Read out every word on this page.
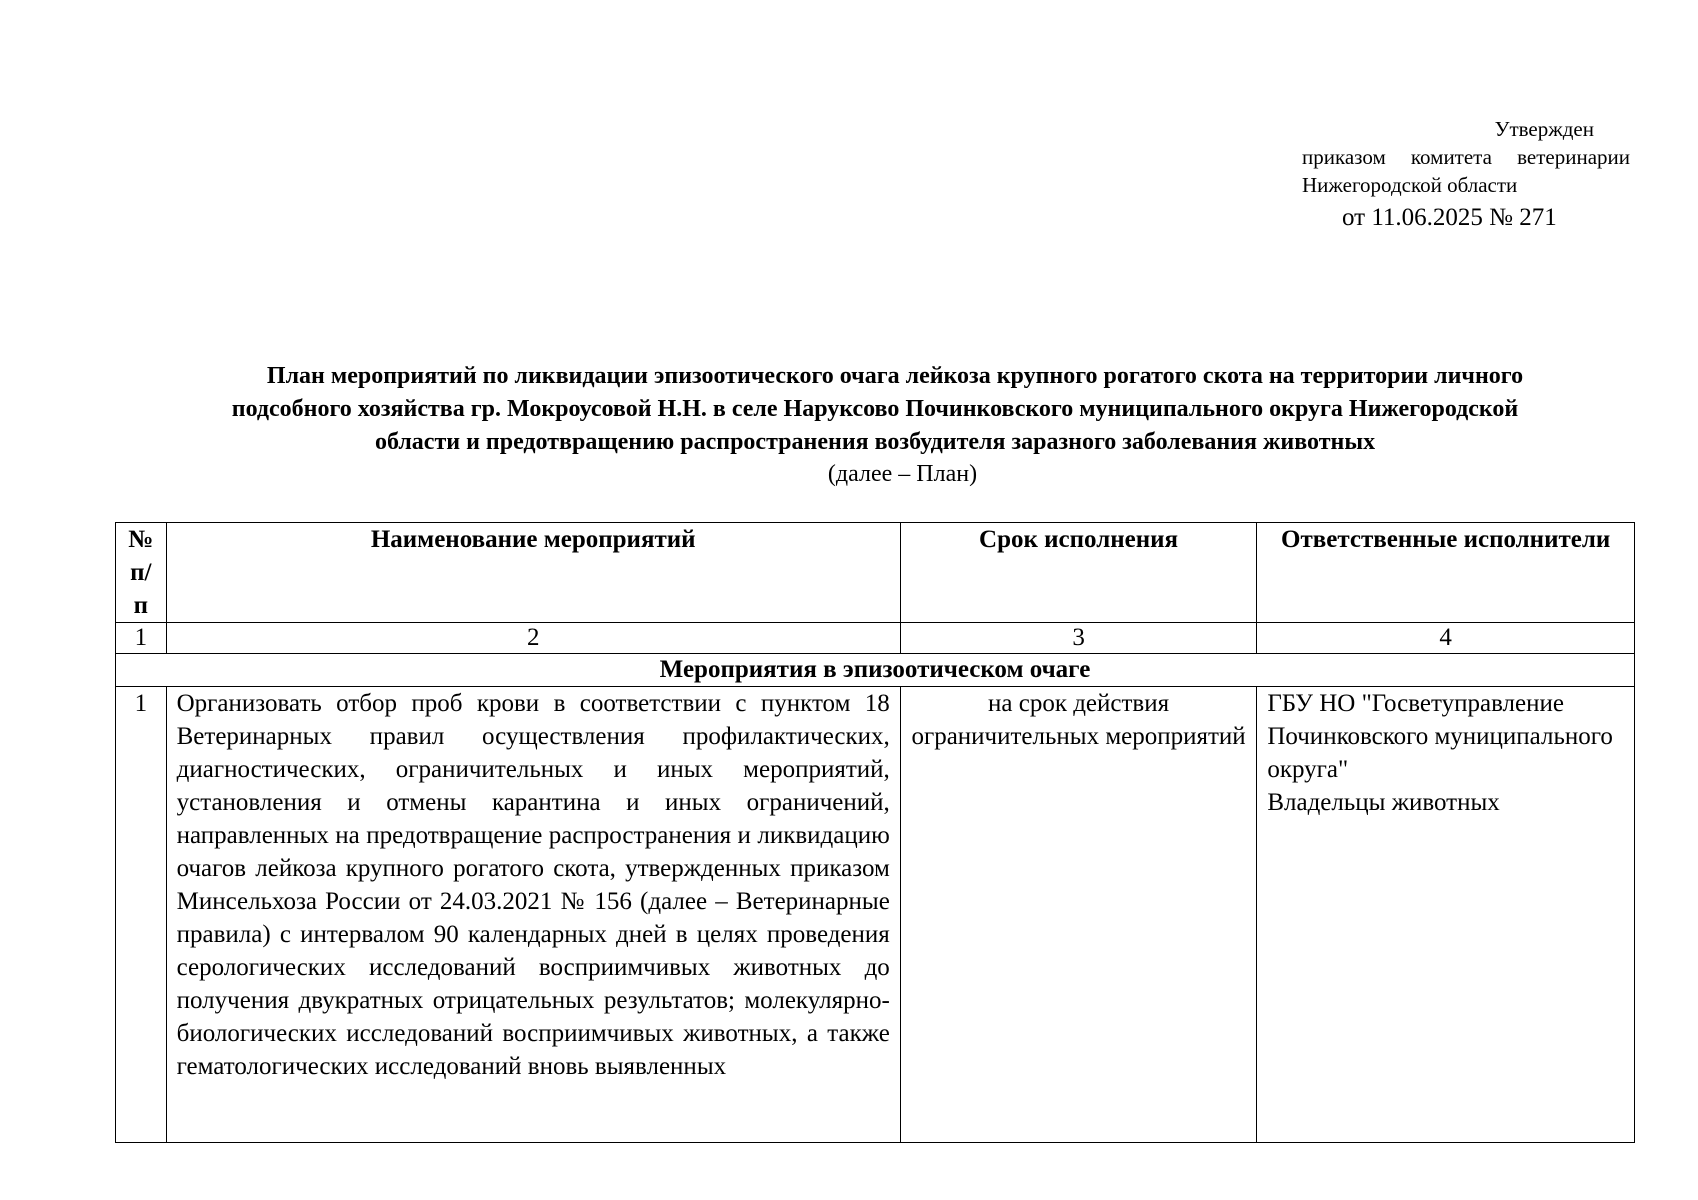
Утвержден
приказом комитета ветеринарии
Нижегородской области
от 11.06.2025 № 271
План мероприятий по ликвидации эпизоотического очага лейкоза крупного рогатого скота на территории личного
подсобного хозяйства гр. Мокроусовой Н.Н. в селе Наруксово Починковского муниципального округа Нижегородской
области и предотвращению распространения возбудителя заразного заболевания животных
(далее – План)
№ п/п	Наименование мероприятий	Срок исполнения	Ответственные исполнители
1	2	3	4
Мероприятия в эпизоотическом очаге			
1	Организовать отбор проб крови в соответствии с пунктом 18 Ветеринарных правил осуществления профилактических, диагностических, ограничительных и иных мероприятий, установления и отмены карантина и иных ограничений, направленных на предотвращение распространения и ликвидацию очагов лейкоза крупного рогатого скота, утвержденных приказом Минсельхоза России от 24.03.2021 № 156 (далее – Ветеринарные правила) с интервалом 90 календарных дней в целях проведения серологических исследований восприимчивых животных до получения двукратных отрицательных результатов; молекулярно-биологических исследований восприимчивых животных, а также гематологических исследований вновь выявленных	на срок действия ограничительных мероприятий	ГБУ НО "Госветуправление Починковского муниципального округа"
Владельцы животных
